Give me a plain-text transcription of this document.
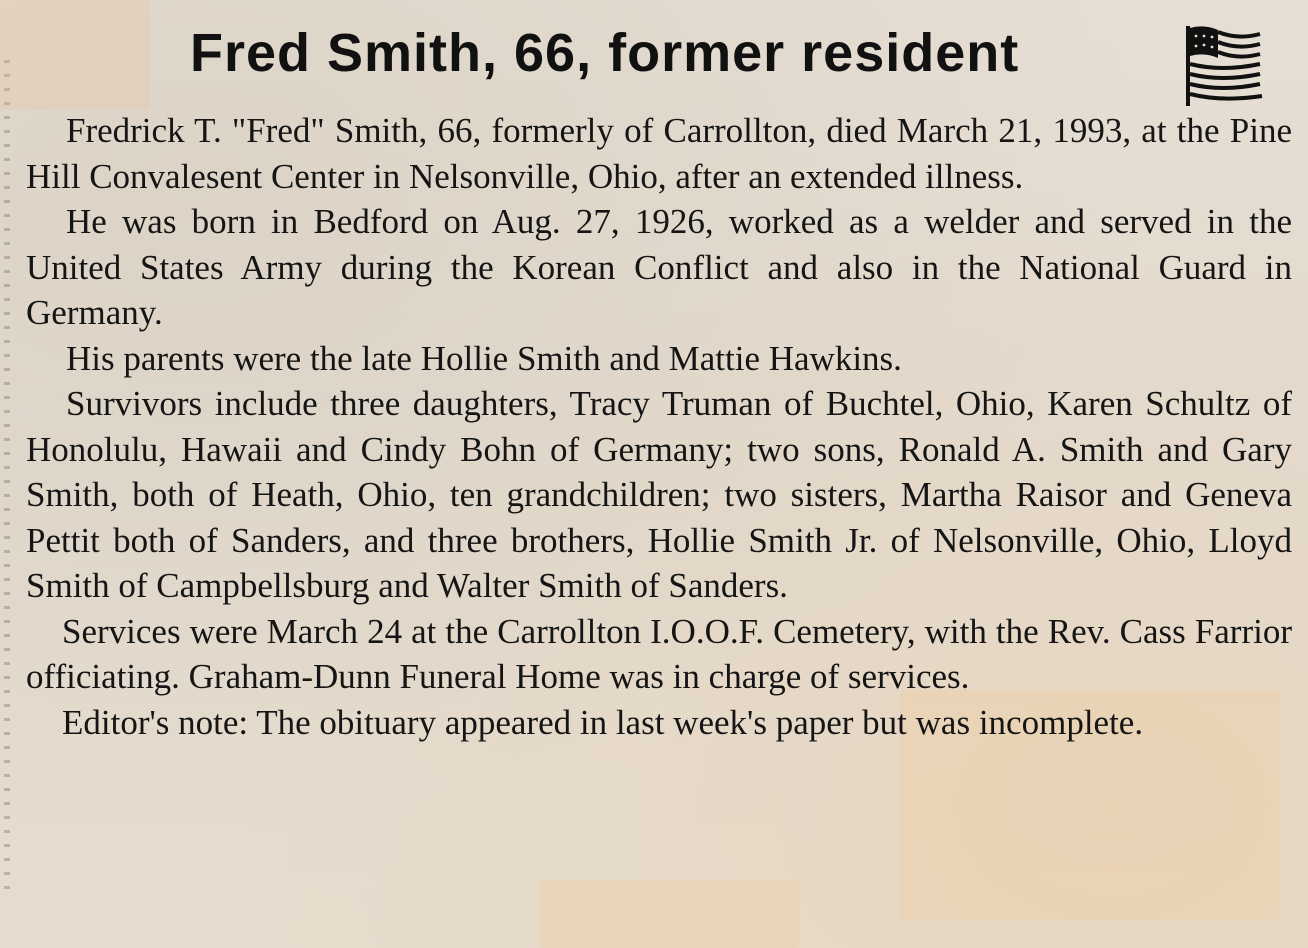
Fred Smith, 66, former resident

Fredrick T. "Fred" Smith, 66, formerly of Carrollton, died March 21, 1993, at the Pine Hill Convalesent Center in Nelsonville, Ohio, after an extended illness.

He was born in Bedford on Aug. 27, 1926, worked as a welder and served in the United States Army during the Korean Conflict and also in the National Guard in Germany.

His parents were the late Hollie Smith and Mattie Hawkins.

Survivors include three daughters, Tracy Truman of Buchtel, Ohio, Karen Schultz of Honolulu, Hawaii and Cindy Bohn of Germany; two sons, Ronald A. Smith and Gary Smith, both of Heath, Ohio, ten grandchildren; two sisters, Martha Raisor and Geneva Pettit both of Sanders, and three brothers, Hollie Smith Jr. of Nelsonville, Ohio, Lloyd Smith of Campbellsburg and Walter Smith of Sanders.

Services were March 24 at the Carrollton I.O.O.F. Cemetery, with the Rev. Cass Farrior officiating. Graham-Dunn Funeral Home was in charge of services.

Editor's note: The obituary appeared in last week's paper but was incomplete.
